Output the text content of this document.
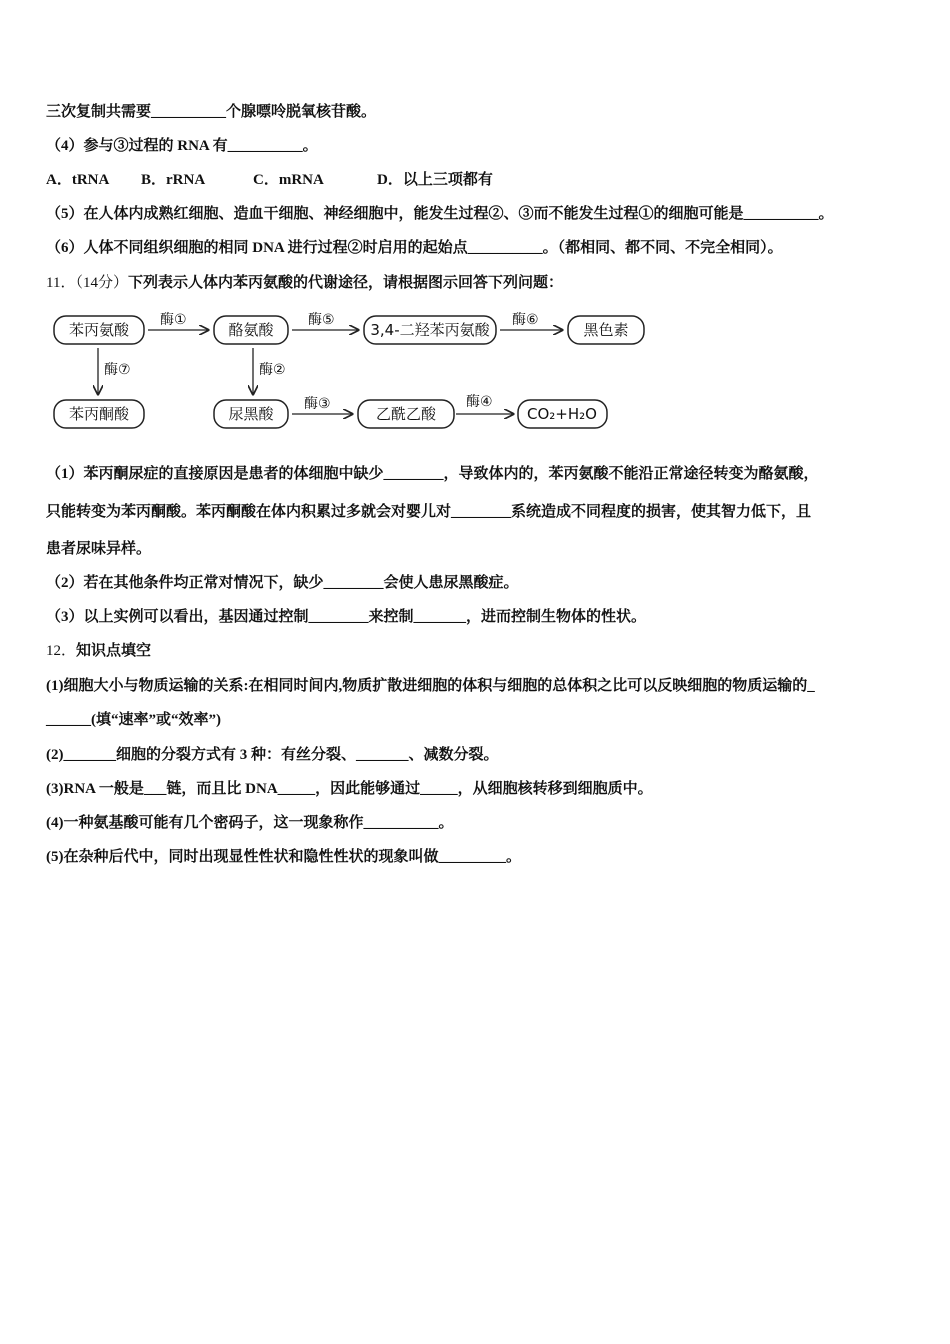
三次复制共需要__________个腺嘌呤脱氧核苷酸。
（4）参与③过程的 RNA 有__________。
A．tRNA B．rRNA	C．mRNA	D．以上三项都有
（5）在人体内成熟红细胞、造血干细胞、神经细胞中，能发生过程②、③而不能发生过程①的细胞可能是__________。
（6）人体不同组织细胞的相同 DNA 进行过程②时启用的起始点__________。（都相同、都不同、不完全相同）。
11．（14分）下列表示人体内苯丙氨酸的代谢途径，请根据图示回答下列问题：
苯丙氨酸	酪氨酸	3,4-二羟苯丙氨酸	黑色素
苯丙酮酸	尿黑酸	乙酰乙酸	CO₂+H₂O
酶①	酶⑤	酶⑥
酶⑦	酶②
酶③	酶④
（1）苯丙酮尿症的直接原因是患者的体细胞中缺少________，导致体内的，苯丙氨酸不能沿正常途径转变为酪氨酸，
只能转变为苯丙酮酸。苯丙酮酸在体内积累过多就会对婴儿对________系统造成不同程度的损害，使其智力低下，且
患者尿味异样。
（2）若在其他条件均正常对情况下，缺少________会使人患尿黑酸症。
（3）以上实例可以看出，基因通过控制________来控制_______，进而控制生物体的性状。
12．知识点填空
(1)细胞大小与物质运输的关系:在相同时间内,物质扩散进细胞的体积与细胞的总体积之比可以反映细胞的物质运输的_
______(填“速率”或“效率”)
(2)_______细胞的分裂方式有 3 种：有丝分裂、_______、减数分裂。
(3)RNA 一般是___链，而且比 DNA_____，因此能够通过_____，从细胞核转移到细胞质中。
(4)一种氨基酸可能有几个密码子，这一现象称作__________。
(5)在杂种后代中，同时出现显性性状和隐性性状的现象叫做_________。
